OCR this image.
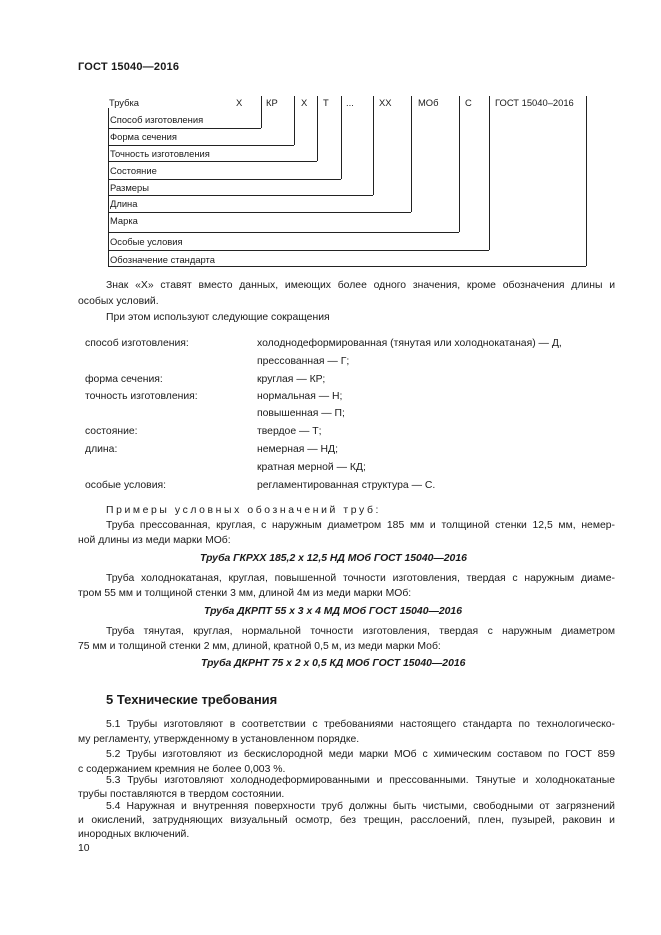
ГОСТ 15040—2016
Трубка	X	КР X Т ...	XX	МОб	С ГОСТ 15040–2016
Способ изготовления
Форма сечения
Точность изготовления
Состояние
Размеры
Длина
Марка
Особые условия
Обозначение стандарта
Знак «Х» ставят вместо данных, имеющих более одного значения, кроме обозначения длины и
особых условий.
При этом используют следующие сокращения
способ изготовления:	холоднодеформированная (тянутая или холоднокатаная) — Д,
прессованная — Г;
форма сечения:	круглая — КР;
точность изготовления:	нормальная — Н;
повышенная — П;
состояние:	твердое — Т;
длина:	немерная — НД;
кратная мерной — КД;
особые условия:	регламентированная структура — С.
Примеры условных обозначений труб:
Труба прессованная, круглая, с наружным диаметром 185 мм и толщиной стенки 12,5 мм, немер-
ной длины из меди марки МОб:
Труба ГКРХХ 185,2 х 12,5 НД МОб ГОСТ 15040—2016
Труба холоднокатаная, круглая, повышенной точности изготовления, твердая с наружным диаме-
тром 55 мм и толщиной стенки 3 мм, длиной 4м из меди марки МОб:
Труба ДКРПТ 55 х 3 х 4 МД МОб ГОСТ 15040—2016
Труба тянутая, круглая, нормальной точности изготовления, твердая с наружным диаметром
75 мм и толщиной стенки 2 мм, длиной, кратной 0,5 м, из меди марки Моб:
Труба ДКРНТ 75 х 2 х 0,5 КД МОб ГОСТ 15040—2016
5 Технические требования
5.1 Трубы изготовляют в соответствии с требованиями настоящего стандарта по технологическо-
му регламенту, утвержденному в установленном порядке.
5.2 Трубы изготовляют из бескислородной меди марки МОб с химическим составом по ГОСТ 859
с содержанием кремния не более 0,003 %.
5.3 Трубы изготовляют холоднодеформированными и прессованными. Тянутые и холоднокатаные
трубы поставляются в твердом состоянии.
5.4 Наружная и внутренняя поверхности труб должны быть чистыми, свободными от загрязнений
и окислений, затрудняющих визуальный осмотр, без трещин, расслоений, плен, пузырей, раковин и
инородных включений.
10
